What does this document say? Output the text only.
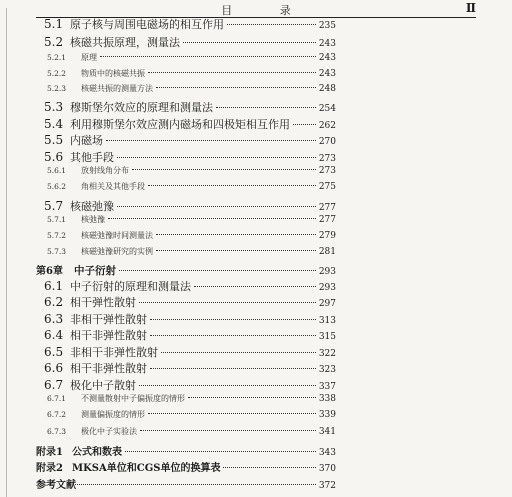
目 录	Ⅱ
5.1 原子核与周围电磁场的相互作用	235
5.2 核磁共振原理，测量法	243
5.2.1	原理	243
5.2.2	物质中的核磁共振	243
5.2.3	核磁共振的测量方法	248
5.3 穆斯堡尔效应的原理和测量法	254
5.4 利用穆斯堡尔效应测内磁场和四极矩相互作用	262
5.5 内磁场	270
5.6 其他手段	273
5.6.1	放射线角分布	273
5.6.2	角相关及其他手段	275
5.7 核磁弛豫	277
5.7.1	核弛豫	277
5.7.2	核磁弛豫时间测量法	279
5.7.3	核磁弛豫研究的实例	281
第6章	中子衍射	293
6.1 中子衍射的原理和测量法	293
6.2 相干弹性散射	297
6.3 非相干弹性散射	313
6.4 相干非弹性散射	315
6.5 非相干非弹性散射	322
6.6 相干非弹性散射	323
6.7 极化中子散射	337
6.7.1	不测量散射中子偏振度的情形	338
6.7.2	测量偏振度的情形	339
6.7.3	极化中子实验法	341
附录1 公式和数表	343
附录2 MKSA单位和CGS单位的换算表	370
参考文献	372
